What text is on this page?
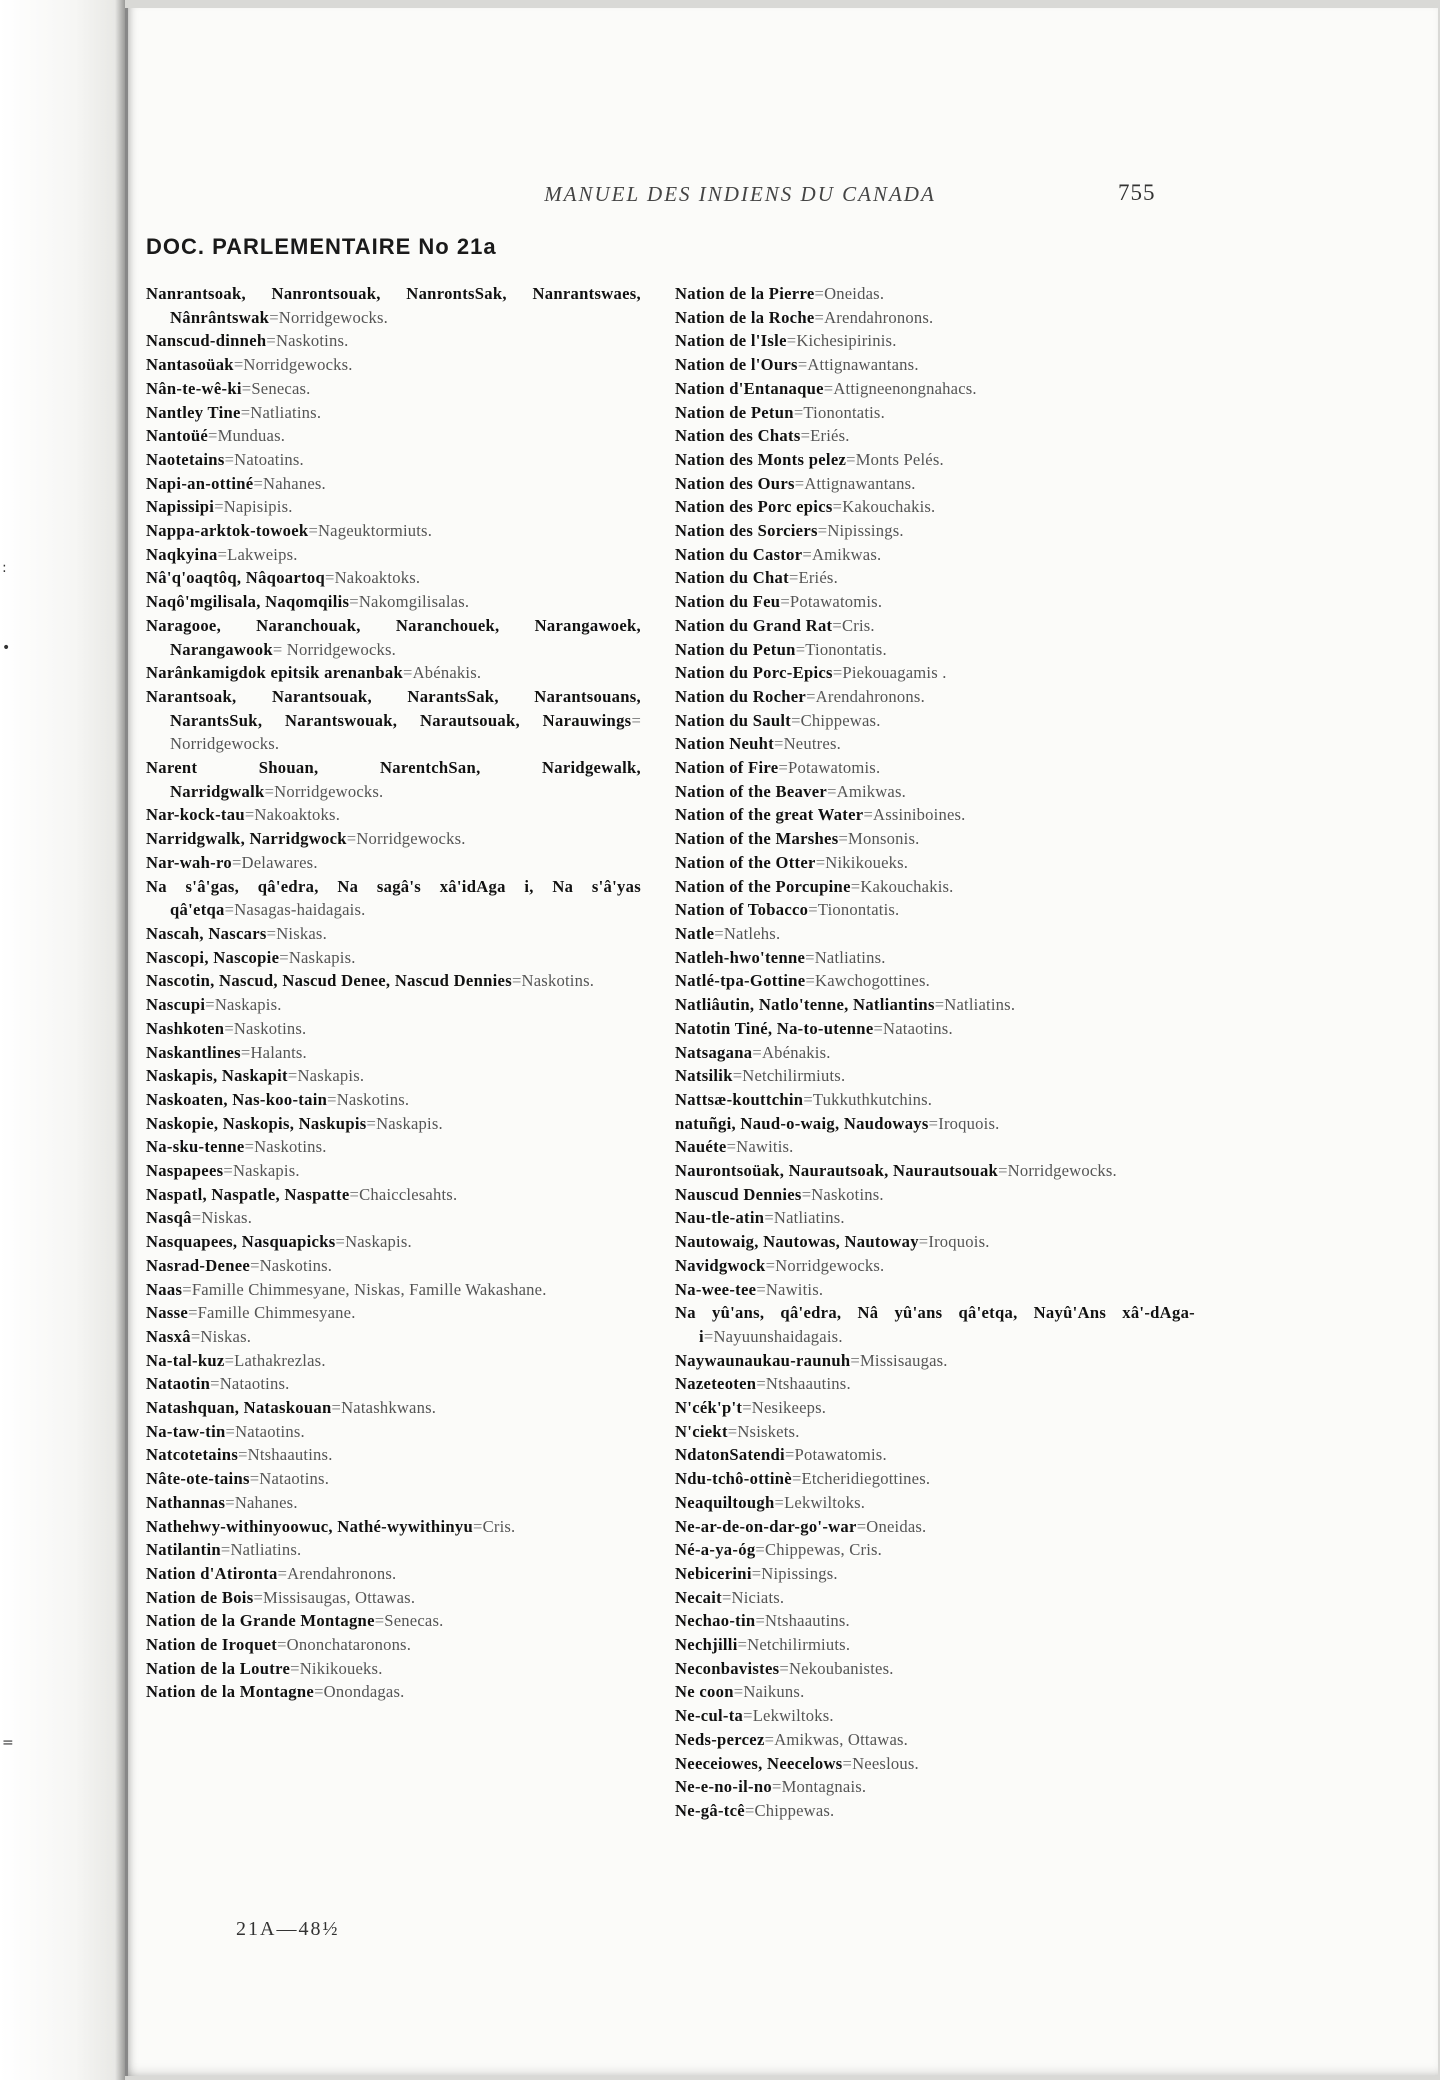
:
•
=
MANUEL DES INDIENS DU CANADA	755
DOC. PARLEMENTAIRE No 21a

Nanrantsoak, Nanrontsouak, NanrontsSak, Nanrantswaes, Nânrântswak=Norridgewocks.

Nanscud-dinneh=Naskotins.

Nantasoüak=Norridgewocks.

Nân-te-wê-ki=Senecas.

Nantley Tine=Natliatins.

Nantoüé=Munduas.

Naotetains=Natoatins.

Napi-an-ottiné=Nahanes.

Napissipi=Napisipis.

Nappa-arktok-towoek=Nageuktormiuts.

Naqkyina=Lakweips.

Nâ'q'oaqtôq, Nâqoartoq=Nakoaktoks.

Naqô'mgilisala, Naqomqilis=Nakomgilisalas.

Naragooe, Naranchouak, Naranchouek, Narangawoek, Narangawook= Norridgewocks.

Narânkamigdok epitsik arenanbak=Abénakis.

Narantsoak, Narantsouak, NarantsSak, Narantsouans, NarantsSuk, Narantswouak, Narautsouak, Narauwings= Norridgewocks.

Narent Shouan, NarentchSan, Naridgewalk, Narridgwalk=Norridgewocks.

Nar-kock-tau=Nakoaktoks.

Narridgwalk, Narridgwock=Norridgewocks.

Nar-wah-ro=Delawares.

Na s'â'gas, qâ'edra, Na sagâ's xâ'idAga i, Na s'â'yas qâ'etqa=Nasagas-haidagais.

Nascah, Nascars=Niskas.

Nascopi, Nascopie=Naskapis.

Nascotin, Nascud, Nascud Denee, Nascud Dennies=Naskotins.

Nascupi=Naskapis.

Nashkoten=Naskotins.

Naskantlines=Halants.

Naskapis, Naskapit=Naskapis.

Naskoaten, Nas-koo-tain=Naskotins.

Naskopie, Naskopis, Naskupis=Naskapis.

Na-sku-tenne=Naskotins.

Naspapees=Naskapis.

Naspatl, Naspatle, Naspatte=Chaicclesahts.

Nasqâ=Niskas.

Nasquapees, Nasquapicks=Naskapis.

Nasrad-Denee=Naskotins.

Naas=Famille Chimmesyane, Niskas, Famille Wakashane.

Nasse=Famille Chimmesyane.

Nasxâ=Niskas.

Na-tal-kuz=Lathakrezlas.

Nataotin=Nataotins.

Natashquan, Nataskouan=Natashkwans.

Na-taw-tin=Nataotins.

Natcotetains=Ntshaautins.

Nâte-ote-tains=Nataotins.

Nathannas=Nahanes.

Nathehwy-withinyoowuc, Nathé-wywithinyu=Cris.

Natilantin=Natliatins.

Nation d'Atironta=Arendahronons.

Nation de Bois=Missisaugas, Ottawas.

Nation de la Grande Montagne=Senecas.

Nation de Iroquet=Ononchataronons.

Nation de la Loutre=Nikikoueks.

Nation de la Montagne=Onondagas.

Nation de la Pierre=Oneidas.

Nation de la Roche=Arendahronons.

Nation de l'Isle=Kichesipirinis.

Nation de l'Ours=Attignawantans.

Nation d'Entanaque=Attigneenongnahacs.

Nation de Petun=Tionontatis.

Nation des Chats=Eriés.

Nation des Monts pelez=Monts Pelés.

Nation des Ours=Attignawantans.

Nation des Porc epics=Kakouchakis.

Nation des Sorciers=Nipissings.

Nation du Castor=Amikwas.

Nation du Chat=Eriés.

Nation du Feu=Potawatomis.

Nation du Grand Rat=Cris.

Nation du Petun=Tionontatis.

Nation du Porc-Epics=Piekouagamis .

Nation du Rocher=Arendahronons.

Nation du Sault=Chippewas.

Nation Neuht=Neutres.

Nation of Fire=Potawatomis.

Nation of the Beaver=Amikwas.

Nation of the great Water=Assiniboines.

Nation of the Marshes=Monsonis.

Nation of the Otter=Nikikoueks.

Nation of the Porcupine=Kakouchakis.

Nation of Tobacco=Tionontatis.

Natle=Natlehs.

Natleh-hwo'tenne=Natliatins.

Natlé-tpa-Gottine=Kawchogottines.

Natliâutin, Natlo'tenne, Natliantins=Natliatins.

Natotin Tiné, Na-to-utenne=Nataotins.

Natsagana=Abénakis.

Natsilik=Netchilirmiuts.

Nattsæ-kouttchin=Tukkuthkutchins.

natuñgi, Naud-o-waig, Naudoways=Iroquois.

Nauéte=Nawitis.

Naurontsoüak, Naurautsoak, Naurautsouak=Norridgewocks.

Nauscud Dennies=Naskotins.

Nau-tle-atin=Natliatins.

Nautowaig, Nautowas, Nautoway=Iroquois.

Navidgwock=Norridgewocks.

Na-wee-tee=Nawitis.

Na yû'ans, qâ'edra, Nâ yû'ans qâ'etqa, Nayû'Ans xâ'-dAga-i=Nayuunshaidagais.

Naywaunaukau-raunuh=Missisaugas.

Nazeteoten=Ntshaautins.

N'cék'p't=Nesikeeps.

N'ciekt=Nsiskets.

NdatonSatendi=Potawatomis.

Ndu-tchô-ottinè=Etcheridiegottines.

Neaquiltough=Lekwiltoks.

Ne-ar-de-on-dar-go'-war=Oneidas.

Né-a-ya-óg=Chippewas, Cris.

Nebicerini=Nipissings.

Necait=Niciats.

Nechao-tin=Ntshaautins.

Nechjilli=Netchilirmiuts.

Neconbavistes=Nekoubanistes.

Ne coon=Naikuns.

Ne-cul-ta=Lekwiltoks.

Neds-percez=Amikwas, Ottawas.

Neeceiowes, Neecelows=Neeslous.

Ne-e-no-il-no=Montagnais.

Ne-gâ-tcê=Chippewas.

21A—48½
